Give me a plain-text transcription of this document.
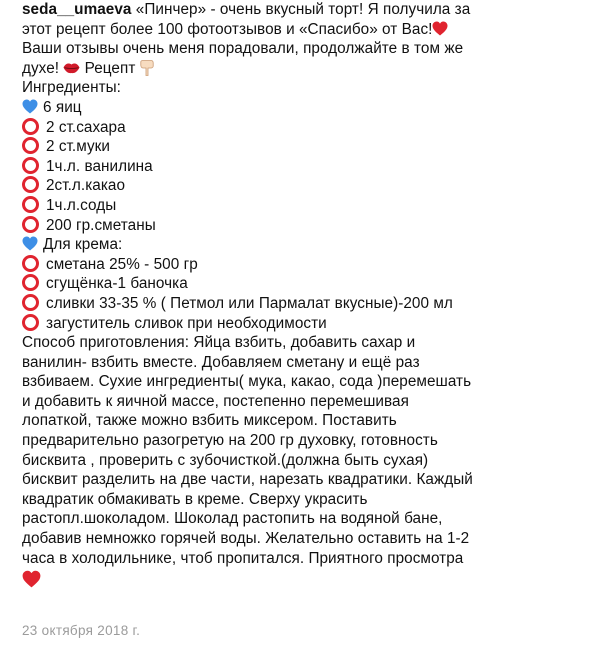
seda__umaeva «Пинчер» - очень вкусный торт! Я получила за
этот рецепт более 100 фотоотзывов и «Спасибо» от Вас!
Ваши отзывы очень меня порадовали, продолжайте в том же
духе!  Рецепт
Ингредиенты:
6 яиц
2 ст.сахара
2 ст.муки
1ч.л. ванилина
2ст.л.какао
1ч.л.соды
200 гр.сметаны
Для крема:
сметана 25% - 500 гр
сгущёнка-1 баночка
сливки 33-35 % ( Петмол или Пармалат вкусные)-200 мл
загуститель сливок при необходимости
Способ приготовления: Яйца взбить, добавить сахар и
ванилин- взбить вместе. Добавляем сметану и ещё раз
взбиваем. Сухие ингредиенты( мука, какао, сода )перемешать
и добавить к яичной массе, постепенно перемешивая
лопаткой, также можно взбить миксером. Поставить
предварительно разогретую на 200 гр духовку, готовность
бисквита , проверить с зубочисткой.(должна быть сухая)
бисквит разделить на две части, нарезать квадратики. Каждый
квадратик обмакивать в креме. Сверху украсить
растопл.шоколадом. Шоколад растопить на водяной бане,
добавив немножко горячей воды. Желательно оставить на 1-2
часа в холодильнике, чтоб пропитался. Приятного просмотра
23 октября 2018 г.
